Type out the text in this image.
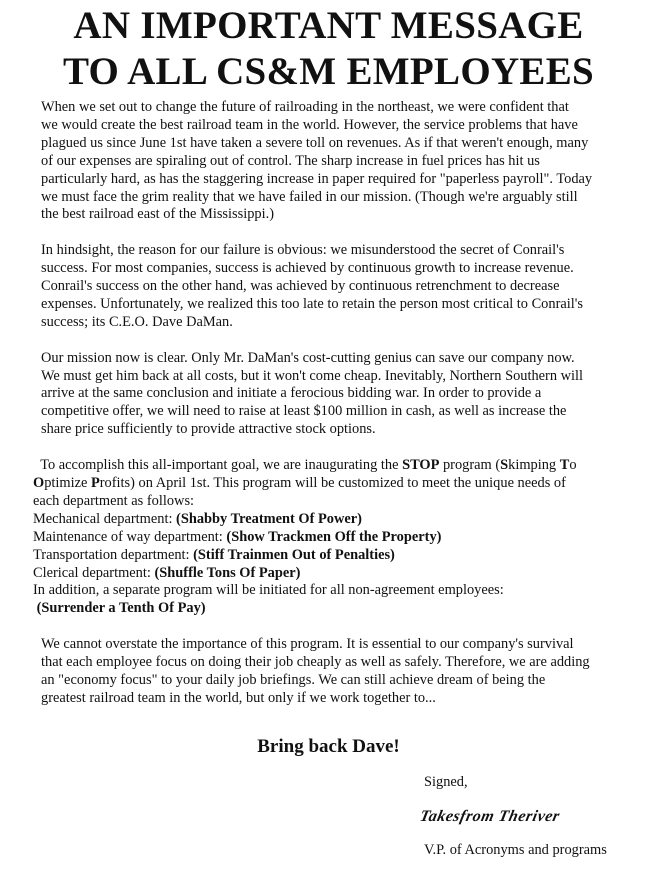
AN IMPORTANT MESSAGE
TO ALL CS&M EMPLOYEES

When we set out to change the future of railroading in the northeast, we were confident that
we would create the best railroad team in the world. However, the service problems that have
plagued us since June 1st have taken a severe toll on revenues. As if that weren't enough, many
of our expenses are spiraling out of control. The sharp increase in fuel prices has hit us
particularly hard, as has the staggering increase in paper required for "paperless payroll". Today
we must face the grim reality that we have failed in our mission. (Though we're arguably still
the best railroad east of the Mississippi.)

In hindsight, the reason for our failure is obvious: we misunderstood the secret of Conrail's
success. For most companies, success is achieved by continuous growth to increase revenue.
Conrail's success on the other hand, was achieved by continuous retrenchment to decrease
expenses. Unfortunately, we realized this too late to retain the person most critical to Conrail's
success; its C.E.O. Dave DaMan.

Our mission now is clear. Only Mr. DaMan's cost-cutting genius can save our company now.
We must get him back at all costs, but it won't come cheap. Inevitably, Northern Southern will
arrive at the same conclusion and initiate a ferocious bidding war. In order to provide a
competitive offer, we will need to raise at least $100 million in cash, as well as increase the
share price sufficiently to provide attractive stock options.

To accomplish this all-important goal, we are inaugurating the STOP program (Skimping To
Optimize Profits) on April 1st. This program will be customized to meet the unique needs of
each department as follows:
Mechanical department: (Shabby Treatment Of Power)
Maintenance of way department: (Show Trackmen Off the Property)
Transportation department: (Stiff Trainmen Out of Penalties)
Clerical department: (Shuffle Tons Of Paper)
In addition, a separate program will be initiated for all non-agreement employees:
(Surrender a Tenth Of Pay)

We cannot overstate the importance of this program. It is essential to our company's survival
that each employee focus on doing their job cheaply as well as safely. Therefore, we are adding
an "economy focus" to your daily job briefings. We can still achieve dream of being the
greatest railroad team in the world, but only if we work together to...

Bring back Dave!
Signed,
Takesfrom Theriver
V.P. of Acronyms and programs
